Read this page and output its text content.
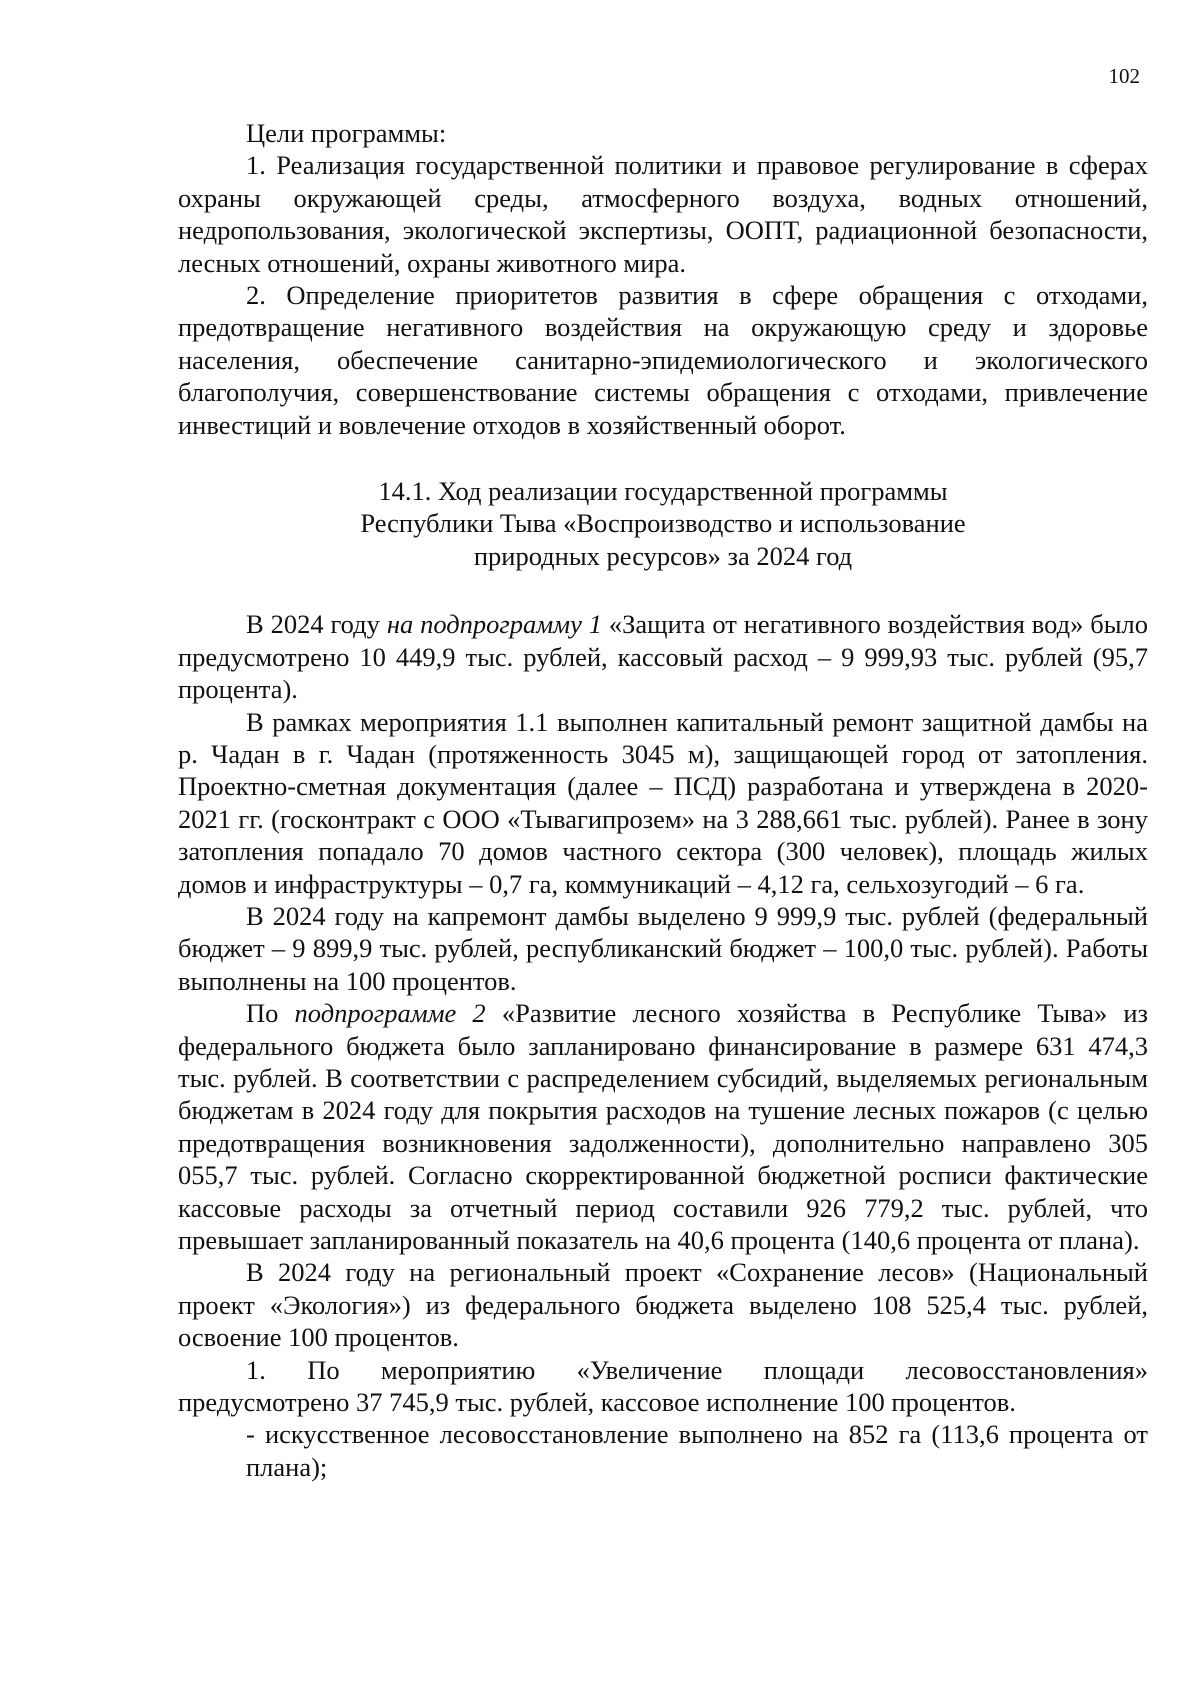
102

Цели программы:

1. Реализация государственной политики и правовое регулирование в сферах охраны окружающей среды, атмосферного воздуха, водных отношений, недропользования, экологической экспертизы, ООПТ, радиационной безопасности, лесных отношений, охраны животного мира.

2. Определение приоритетов развития в сфере обращения с отходами, предотвращение негативного воздействия на окружающую среду и здоровье населения, обеспечение санитарно-эпидемиологического и экологического благополучия, совершенствование системы обращения с отходами, привлечение инвестиций и вовлечение отходов в хозяйственный оборот.

14.1. Ход реализации государственной программы
Республики Тыва «Воспроизводство и использование
природных ресурсов» за 2024 год

В 2024 году на подпрограмму 1 «Защита от негативного воздействия вод» было предусмотрено 10 449,9 тыс. рублей, кассовый расход – 9 999,93 тыс. рублей (95,7 процента).

В рамках мероприятия 1.1 выполнен капитальный ремонт защитной дамбы на р. Чадан в г. Чадан (протяженность 3045 м), защищающей город от затопления. Проектно-сметная документация (далее – ПСД) разработана и утверждена в 2020-2021 гг. (госконтракт с ООО «Тывагипрозем» на 3 288,661 тыс. рублей). Ранее в зону затопления попадало 70 домов частного сектора (300 человек), площадь жилых домов и инфраструктуры – 0,7 га, коммуникаций – 4,12 га, сельхозугодий – 6 га.

В 2024 году на капремонт дамбы выделено 9 999,9 тыс. рублей (федеральный бюджет – 9 899,9 тыс. рублей, республиканский бюджет – 100,0 тыс. рублей). Работы выполнены на 100 процентов.

По подпрограмме 2 «Развитие лесного хозяйства в Республике Тыва» из федерального бюджета было запланировано финансирование в размере 631 474,3 тыс. рублей. В соответствии с распределением субсидий, выделяемых региональным бюджетам в 2024 году для покрытия расходов на тушение лесных пожаров (с целью предотвращения возникновения задолженности), дополнительно направлено 305 055,7 тыс. рублей. Согласно скорректированной бюджетной росписи фактические кассовые расходы за отчетный период составили 926 779,2 тыс. рублей, что превышает запланированный показатель на 40,6 процента (140,6 процента от плана).

В 2024 году на региональный проект «Сохранение лесов» (Национальный проект «Экология») из федерального бюджета выделено 108 525,4 тыс. рублей, освоение 100 процентов.

1. По мероприятию «Увеличение площади лесовосстановления» предусмотрено 37 745,9 тыс. рублей, кассовое исполнение 100 процентов.

- искусственное лесовосстановление выполнено на 852 га (113,6 процента от плана);
